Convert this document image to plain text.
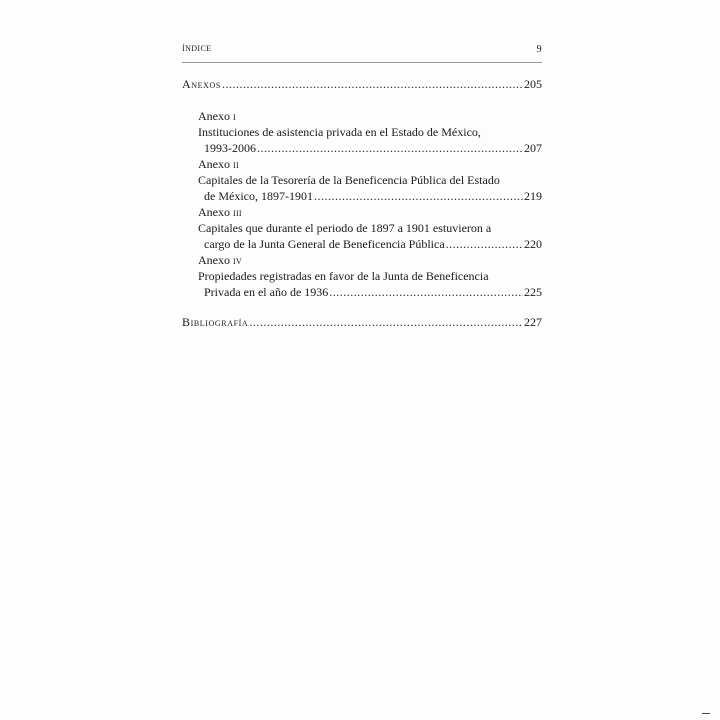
ÍNDICE	9
Anexos .....	205
Anexo I
Instituciones de asistencia privada en el Estado de México,
1993-2006 .....	207
Anexo II
Capitales de la Tesorería de la Beneficencia Pública del Estado
de México, 1897-1901 .....	219
Anexo III
Capitales que durante el periodo de 1897 a 1901 estuvieron a
cargo de la Junta General de Beneficencia Pública .....	220
Anexo IV
Propiedades registradas en favor de la Junta de Beneficencia
Privada en el año de 1936 .....	225
Bibliografía .....	227
